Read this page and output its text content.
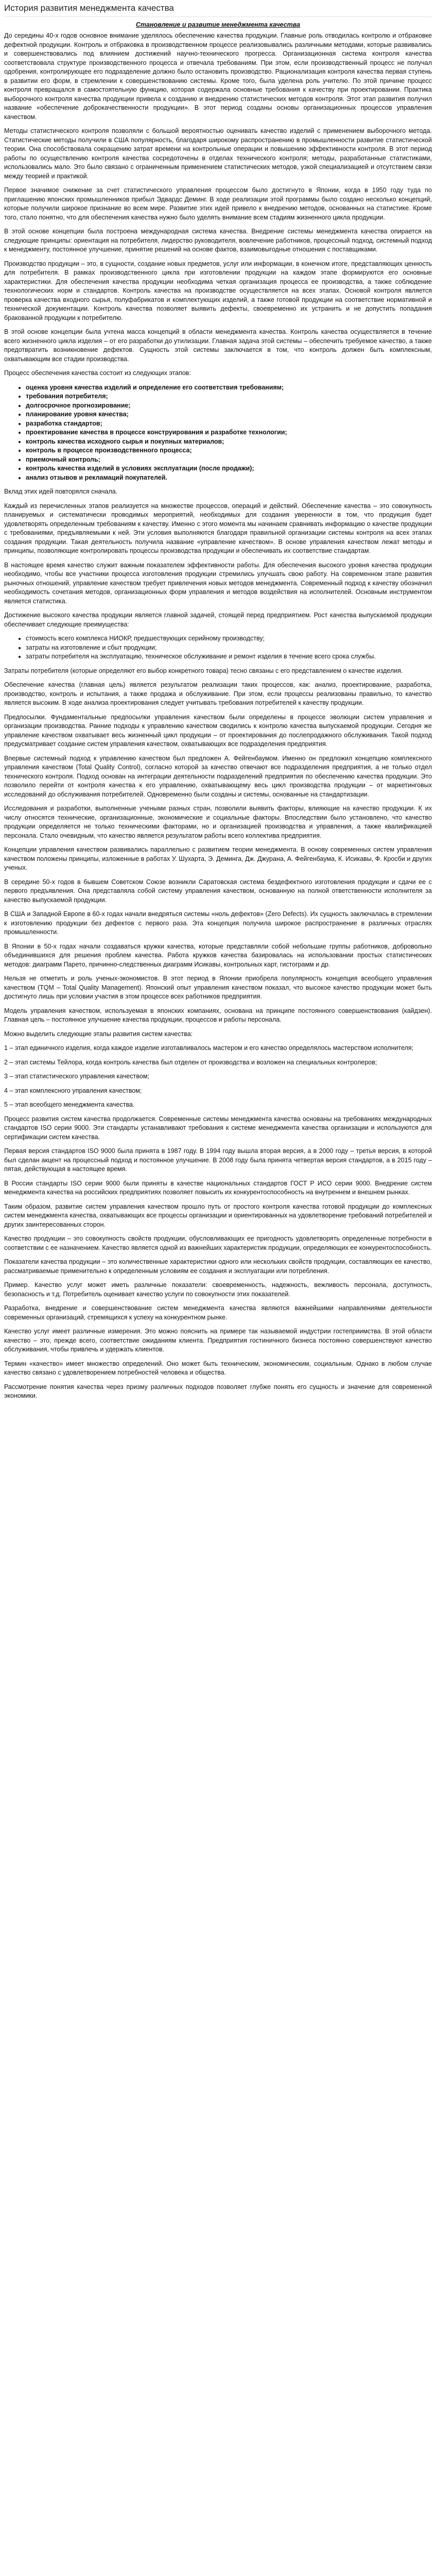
История развития менеджмента качества
Становление и развитие менеджмента качества

До середины 40-х годов основное внимание уделялось обеспечению качества продукции. Главные роль отводилась контролю и отбраковке дефектной продукции. Контроль и отбраковка в производственном процессе реализовывались различными методами, которые развивались и совершенствовались под влиянием достижений научно-технического прогресса. Организационная система контроля качества соответствовала структуре производственного процесса и отвечала требованиям. При этом, если производственный процесс не получал одобрения, контролирующее его подразделение должно было остановить производство. Рационализация контроля качества первая ступень в развитии его форм, в стремлении к совершенствованию системы. Кроме того, была уделена роль учителю. По этой причине процесс контроля превращался в самостоятельную функцию, которая содержала основные требования к качеству при проектировании. Практика выборочного контроля качества продукции привела к созданию и внедрению статистических методов контроля. Этот этап развития получил название «обеспечение доброкачественности продукции». В этот период созданы основы организационных процессов управления качеством.

Методы статистического контроля позволяли с большой вероятностью оценивать качество изделий с применением выборочного метода. Статистические методы получили в США популярность, благодаря широкому распространению в промышленности развитие статистической теории. Она способствовала сокращению затрат времени на контрольные операции и повышению эффективности контроля. В этот период работы по осуществлению контроля качества сосредоточены в отделах технического контроля; методы, разработанные статистиками, использовались мало. Это было связано с ограниченным применением статистических методов, узкой специализацией и отсутствием связи между теорией и практикой.

Первое значимое снижение за счет статистического управления процессом было достигнуто в Японии, когда в 1950 году туда по приглашению японских промышленников прибыл Эдвардс Деминг. В ходе реализации этой программы было создано несколько концепций, которые получили широкое признание во всем мире. Развитие этих идей привело к внедрению методов, основанных на статистике. Кроме того, стало понятно, что для обеспечения качества нужно было уделять внимание всем стадиям жизненного цикла продукции.

В этой основе концепции была построена международная система качества. Внедрение системы менеджмента качества опирается на следующие принципы: ориентация на потребителя, лидерство руководителя, вовлечение работников, процессный подход, системный подход к менеджменту, постоянное улучшение, принятие решений на основе фактов, взаимовыгодные отношения с поставщиками.

Производство продукции – это, в сущности, создание новых предметов, услуг или информации, в конечном итоге, представляющих ценность для потребителя. В рамках производственного цикла при изготовлении продукции на каждом этапе формируются его основные характеристики. Для обеспечения качества продукции необходима четкая организация процесса ее производства, а также соблюдение технологических норм и стандартов. Контроль качества на производстве осуществляется на всех этапах. Основой контроля является проверка качества входного сырья, полуфабрикатов и комплектующих изделий, а также готовой продукции на соответствие нормативной и технической документации. Контроль качества позволяет выявить дефекты, своевременно их устранить и не допустить попадания бракованной продукции к потребителю.

В этой основе концепции была учтена масса концепций в области менеджмента качества. Контроль качества осуществляется в течение всего жизненного цикла изделия – от его разработки до утилизации. Главная задача этой системы – обеспечить требуемое качество, а также предотвратить возникновение дефектов. Сущность этой системы заключается в том, что контроль должен быть комплексным, охватывающим все стадии производства.

Процесс обеспечения качества состоит из следующих этапов:

• оценка уровня качества изделий и определение его соответствия требованиям;
• требования потребителя;
• долгосрочное прогнозирование;
• планирование уровня качества;
• разработка стандартов;
• проектирование качества в процессе конструирования и разработке технологии;
• контроль качества исходного сырья и покупных материалов;
• контроль в процессе производственного процесса;
• приемочный контроль;
• контроль качества изделий в условиях эксплуатации (после продажи);
• анализ отзывов и рекламаций покупателей.

Вклад этих идей повторялся сначала.

Каждый из перечисленных этапов реализуется на множестве процессов, операций и действий. Обеспечение качества – это совокупность планируемых и систематически проводимых мероприятий, необходимых для создания уверенности в том, что продукция будет удовлетворять определенным требованиям к качеству. Именно с этого момента мы начинаем сравнивать информацию о качестве продукции с требованиями, предъявляемыми к ней. Эти условия выполняются благодаря правильной организации системы контроля на всех этапах создания продукции. Такая деятельность получила название «управление качеством». В основе управления качеством лежат методы и принципы, позволяющие контролировать процессы производства продукции и обеспечивать их соответствие стандартам.

В настоящее время качество служит важным показателем эффективности работы. Для обеспечения высокого уровня качества продукции необходимо, чтобы все участники процесса изготовления продукции стремились улучшать свою работу. На современном этапе развития рыночных отношений, управление качеством требует привлечения новых методов менеджмента. Современный подход к качеству обозначил необходимость сочетания методов, организационных форм управления и методов воздействия на исполнителей. Основным инструментом является статистика.

Достижение высокого качества продукции является главной задачей, стоящей перед предприятием. Рост качества выпускаемой продукции обеспечивает следующие преимущества:

• стоимость всего комплекса НИОКР, предшествующих серийному производству;
• затраты на изготовление и сбыт продукции;
• затраты потребителя на эксплуатацию, техническое обслуживание и ремонт изделия в течение всего срока службы.

Затраты потребителя (которые определяют его выбор конкретного товара) тесно связаны с его представлением о качестве изделия.

Обеспечение качества (главная цель) является результатом реализации таких процессов, как: анализ, проектирование, разработка, производство, контроль и испытания, а также продажа и обслуживание. При этом, если процессы реализованы правильно, то качество является высоким. В ходе анализа проектирования следует учитывать требования потребителей к качеству продукции.

Предпосылки. Фундаментальные предпосылки управления качеством были определены в процессе эволюции систем управления и организации производства. Ранние подходы к управлению качеством сводились к контролю качества выпускаемой продукции. Сегодня же управление качеством охватывает весь жизненный цикл продукции – от проектирования до послепродажного обслуживания. Такой подход предусматривает создание систем управления качеством, охватывающих все подразделения предприятия.

Впервые системный подход к управлению качеством был предложен А. Фейгенбаумом. Именно он предложил концепцию комплексного управления качеством (Total Quality Control), согласно которой за качество отвечают все подразделения предприятия, а не только отдел технического контроля. Подход основан на интеграции деятельности подразделений предприятия по обеспечению качества продукции. Это позволило перейти от контроля качества к его управлению, охватывающему весь цикл производства продукции – от маркетинговых исследований до обслуживания потребителей. Одновременно были созданы и системы, основанные на стандартизации.

Исследования и разработки, выполненные учеными разных стран, позволили выявить факторы, влияющие на качество продукции. К их числу относятся технические, организационные, экономические и социальные факторы. Впоследствии было установлено, что качество продукции определяется не только техническими факторами, но и организацией производства и управления, а также квалификацией персонала. Стало очевидным, что качество является результатом работы всего коллектива предприятия.

Концепции управления качеством развивались параллельно с развитием теории менеджмента. В основу современных систем управления качеством положены принципы, изложенные в работах У. Шухарта, Э. Деминга, Дж. Джурана, А. Фейгенбаума, К. Исикавы, Ф. Кросби и других ученых.

В середине 50-х годов в бывшем Советском Союзе возникли Саратовская система бездефектного изготовления продукции и сдачи ее с первого предъявления. Она представляла собой систему управления качеством, основанную на полной ответственности исполнителя за качество выпускаемой продукции.

В США и Западной Европе в 60-х годах начали внедряться системы «ноль дефектов» (Zero Defects). Их сущность заключалась в стремлении к изготовлению продукции без дефектов с первого раза. Эта концепция получила широкое распространение в различных отраслях промышленности.

В Японии в 50-х годах начали создаваться кружки качества, которые представляли собой небольшие группы работников, добровольно объединившихся для решения проблем качества. Работа кружков качества базировалась на использовании простых статистических методов: диаграмм Парето, причинно-следственных диаграмм Исикавы, контрольных карт, гистограмм и др.

Нельзя не отметить и роль ученых-экономистов. В этот период в Японии приобрела популярность концепция всеобщего управления качеством (TQM – Total Quality Management). Японский опыт управления качеством показал, что высокое качество продукции может быть достигнуто лишь при условии участия в этом процессе всех работников предприятия.

Модель управления качеством, используемая в японских компаниях, основана на принципе постоянного совершенствования (кайдзен). Главная цель – постоянное улучшение качества продукции, процессов и работы персонала.

Можно выделить следующие этапы развития систем качества:

1 – этап единичного изделия, когда каждое изделие изготавливалось мастером и его качество определялось мастерством исполнителя;

2 – этап системы Тейлора, когда контроль качества был отделен от производства и возложен на специальных контролеров;

3 – этап статистического управления качеством;

4 – этап комплексного управления качеством;

5 – этап всеобщего менеджмента качества.

Процесс развития систем качества продолжается. Современные системы менеджмента качества основаны на требованиях международных стандартов ISO серии 9000. Эти стандарты устанавливают требования к системе менеджмента качества организации и используются для сертификации систем качества.

Первая версия стандартов ISO 9000 была принята в 1987 году. В 1994 году вышла вторая версия, а в 2000 году – третья версия, в которой был сделан акцент на процессный подход и постоянное улучшение. В 2008 году была принята четвертая версия стандартов, а в 2015 году – пятая, действующая в настоящее время.

В России стандарты ISO серии 9000 были приняты в качестве национальных стандартов ГОСТ Р ИСО серии 9000. Внедрение систем менеджмента качества на российских предприятиях позволяет повысить их конкурентоспособность на внутреннем и внешнем рынках.

Таким образом, развитие систем управления качеством прошло путь от простого контроля качества готовой продукции до комплексных систем менеджмента качества, охватывающих все процессы организации и ориентированных на удовлетворение требований потребителей и других заинтересованных сторон.

Качество продукции – это совокупность свойств продукции, обусловливающих ее пригодность удовлетворять определенные потребности в соответствии с ее назначением. Качество является одной из важнейших характеристик продукции, определяющих ее конкурентоспособность.

Показатели качества продукции – это количественные характеристики одного или нескольких свойств продукции, составляющих ее качество, рассматриваемые применительно к определенным условиям ее создания и эксплуатации или потребления.

Пример. Качество услуг может иметь различные показатели: своевременность, надежность, вежливость персонала, доступность, безопасность и т.д. Потребитель оценивает качество услуги по совокупности этих показателей.

Разработка, внедрение и совершенствование систем менеджмента качества являются важнейшими направлениями деятельности современных организаций, стремящихся к успеху на конкурентном рынке.

Качество услуг имеет различные измерения. Это можно пояснить на примере так называемой индустрии гостеприимства. В этой области качество – это, прежде всего, соответствие ожиданиям клиента. Предприятия гостиничного бизнеса постоянно совершенствуют качество обслуживания, чтобы привлечь и удержать клиентов.

Термин «качество» имеет множество определений. Оно может быть техническим, экономическим, социальным. Однако в любом случае качество связано с удовлетворением потребностей человека и общества.

Рассмотрение понятия качества через призму различных подходов позволяет глубже понять его сущность и значение для современной экономики.
